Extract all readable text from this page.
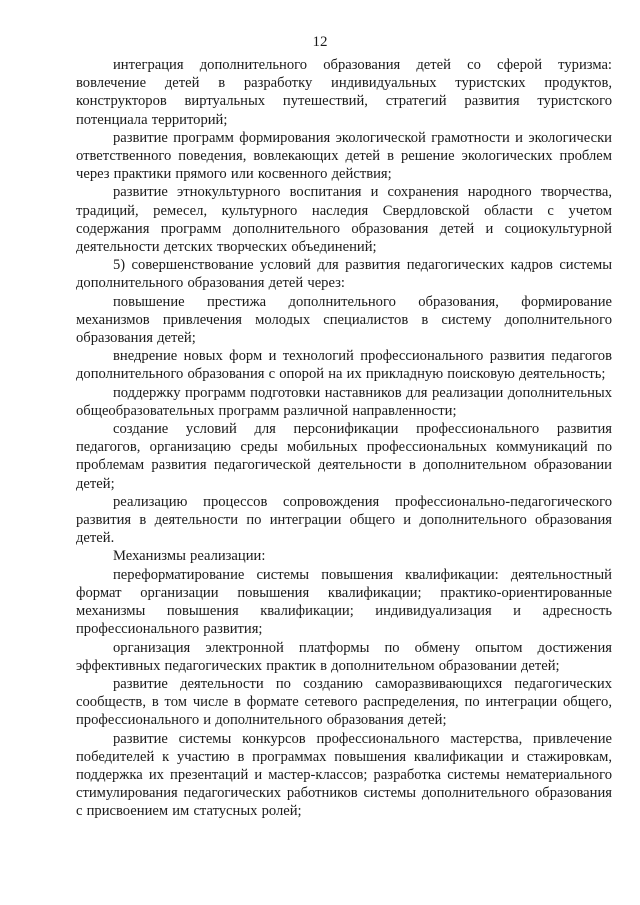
12

интеграция дополнительного образования детей со сферой туризма: вовлечение детей в разработку индивидуальных туристских продуктов, конструкторов виртуальных путешествий, стратегий развития туристского потенциала территорий;

развитие программ формирования экологической грамотности и экологически ответственного поведения, вовлекающих детей в решение экологических проблем через практики прямого или косвенного действия;

развитие этнокультурного воспитания и сохранения народного творчества, традиций, ремесел, культурного наследия Свердловской области с учетом содержания программ дополнительного образования детей и социокультурной деятельности детских творческих объединений;

5) совершенствование условий для развития педагогических кадров системы дополнительного образования детей через:

повышение престижа дополнительного образования, формирование механизмов привлечения молодых специалистов в систему дополнительного образования детей;

внедрение новых форм и технологий профессионального развития педагогов дополнительного образования с опорой на их прикладную поисковую деятельность;

поддержку программ подготовки наставников для реализации дополнительных общеобразовательных программ различной направленности;

создание условий для персонификации профессионального развития педагогов, организацию среды мобильных профессиональных коммуникаций по проблемам развития педагогической деятельности в дополнительном образовании детей;

реализацию процессов сопровождения профессионально-педагогического развития в деятельности по интеграции общего и дополнительного образования детей.

Механизмы реализации:

переформатирование системы повышения квалификации: деятельностный формат организации повышения квалификации; практико-ориентированные механизмы повышения квалификации; индивидуализация и адресность профессионального развития;

организация электронной платформы по обмену опытом достижения эффективных педагогических практик в дополнительном образовании детей;

развитие деятельности по созданию саморазвивающихся педагогических сообществ, в том числе в формате сетевого распределения, по интеграции общего, профессионального и дополнительного образования детей;

развитие системы конкурсов профессионального мастерства, привлечение победителей к участию в программах повышения квалификации и стажировкам, поддержка их презентаций и мастер-классов; разработка системы нематериального стимулирования педагогических работников системы дополнительного образования с присвоением им статусных ролей;
